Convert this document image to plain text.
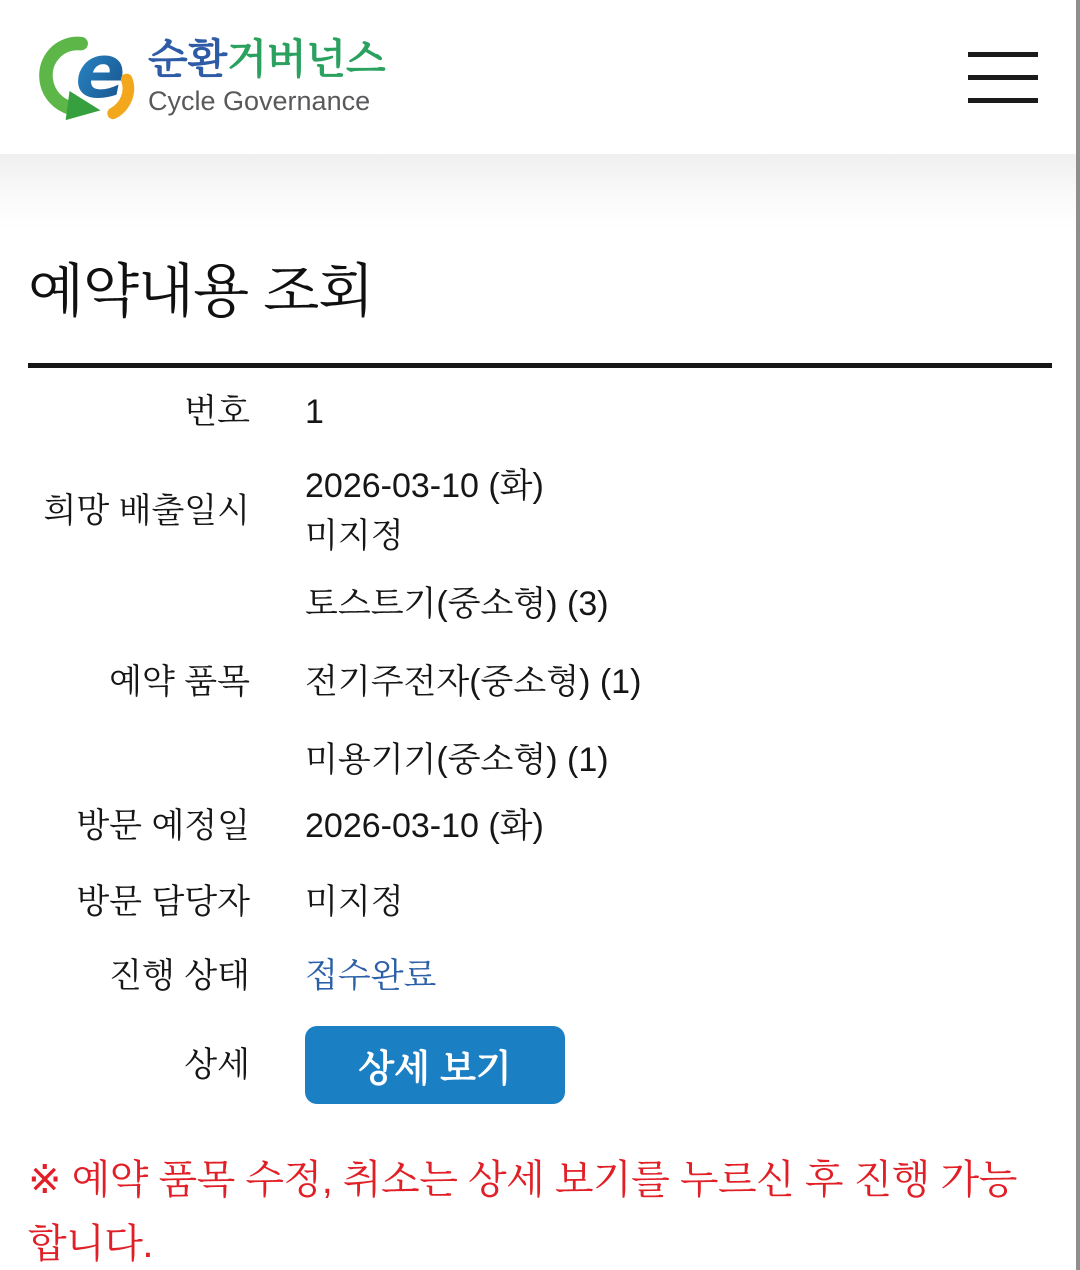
e 순환거버넌스
Cycle Governance
예약내용 조회
번호 1
희망 배출일시
2026-03-10 (화)
미지정
예약 품목
토스트기(중소형) (3)
전기주전자(중소형) (1)
미용기기(중소형) (1)
방문 예정일 2026-03-10 (화)
방문 담당자 미지정
진행 상태 접수완료
상세	상세 보기

※ 예약 품목 수정, 취소는 상세 보기를 누르신 후 진행 가능합니다.
